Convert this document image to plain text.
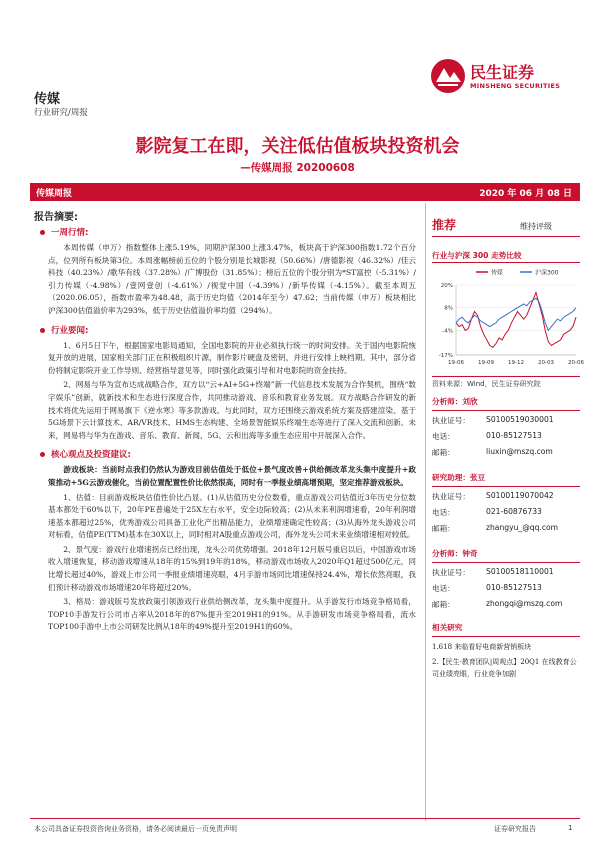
传媒
行业研究/周报
民生证券
MINSHENG SECURITIES
影院复工在即，关注低估值板块投资机会
—传媒周报 20200608
传媒周报	2020 年 06 月 08 日
报告摘要:
一周行情:

本周传媒（申万）指数整体上涨5.19%，同期沪深300上涨3.47%，板块高于沪深300指数1.72个百分点，位列所有板块第3位。本周涨幅榜前五位的个股分别是长城影视（50.66%）/唐德影视（46.32%）/佳云科技（40.23%）/歌华有线（37.28%）/广博股份（31.85%）；榜后五位的个股分别为*ST富控（-5.31%）/引力传媒（-4.98%）/壹网壹创（-4.61%）/视觉中国（-4.39%）/新华传媒（-4.15%）。截至本周五（2020.06.05），指数市盈率为48.48，高于历史均值（2014年至今）47.62；当前传媒（申万）板块相比沪深300估值溢价率为293%，低于历史估值溢价率均值（294%）。

行业要闻:

1、6月5日下午，根据国家电影局通知，全国电影院的开业必须执行统一的时间安排。关于国内电影院恢复开放的进展，国家相关部门正在积极组织片源，制作影片硬盘及密钥，并进行安排上映档期。其中，部分省份将制定影院开业工作导则、经营指导意见等，同时强化政策引导和对电影院的资金扶持。

2、网易与华为宣布达成战略合作，双方以“云+AI+5G+终端”新一代信息技术发展为合作契机，围绕“数字娱乐”创新，就新技术和生态进行深度合作，共同推动游戏、音乐和教育业务发展。双方战略合作研发的新技术将优先运用于网易旗下《逆水寒》等多款游戏。与此同时，双方还围绕云游戏系统方案及搭建渲染、基于5G场景下云计算技术、AR/VR技术、HMS生态构建、全场景智能娱乐终端生态等进行了深入交流和创新。未来，网易将与华为在游戏、音乐、教育、新闻、5G、云和出海等多重生态应用中开展深入合作。

核心观点及投资建议:

游戏板块：当前时点我们仍然认为游戏目前估值处于低位+景气度改善+供给侧改革龙头集中度提升+政策推动+5G云游戏催化，当前位置配置性价比依然很高，同时有一季报业绩高增预期，坚定推荐游戏板块。

1、估值：目前游戏板块估值性价比凸显。(1)从估值历史分位数看，重点游戏公司估值近3年历史分位数基本都处于60%以下，20年PE普遍处于25X左右水平，安全边际较高；(2)从未来利润增速看，20年利润增速基本都超过25%，优秀游戏公司具备工业化产出精品能力，业绩增速确定性较高；(3)从海外龙头游戏公司对标看，估值PE(TTM)基本在30X以上，同时相对A股重点游戏公司，海外龙头公司未来业绩增速相对较低。

2、景气度：游戏行业增速拐点已经出现，龙头公司优势增强。2018年12月版号重启以后，中国游戏市场收入增速恢复，移动游戏增速从18年的15%到19年的18%，移动游戏市场收入2020年Q1超过500亿元，同比增长超过40%，游戏上市公司一季报业绩增速亮眼，4月手游市场同比增速保持24.4%，增长依然亮眼，我们预计移动游戏市场增速20年将超过20%。

3、格局：游戏版号发放政策引领游戏行业供给侧改革，龙头集中度提升。从手游发行市场竞争格局看，TOP10手游发行公司市占率从2018年的87%提升至2019H1的91%。从手游研发市场竞争格局看，流水TOP100手游中上市公司研发比例从18年的49%提升至2019H1的60%。

推荐	维持评级
行业与沪深 300 走势比较
传媒	沪深300
20%
8%
-4%
-17%
19-06	19-09	19-12	20-03	20-06
资料来源：Wind，民生证券研究院
分析师：刘欣
执业证号： S0100519030001
电话：	010-85127513
邮箱：	liuxin@mszq.com
研究助理：张豆
执业证号： S0100119070042
电话：	021-60876733
邮箱：	zhangyu_@qq.com
分析师：钟奇
执业证号： S0100518110001
电话：	010-85127513
邮箱：	zhongqi@mszq.com
相关研究
1.618 来临看好电商新营销板块
2.【民生·教育团队|周观点】20Q1 在线教育公司业绩亮眼，行业竞争加剧
本公司具备证券投资咨询业务资格，请务必阅读最后一页免责声明	证券研究报告	1
